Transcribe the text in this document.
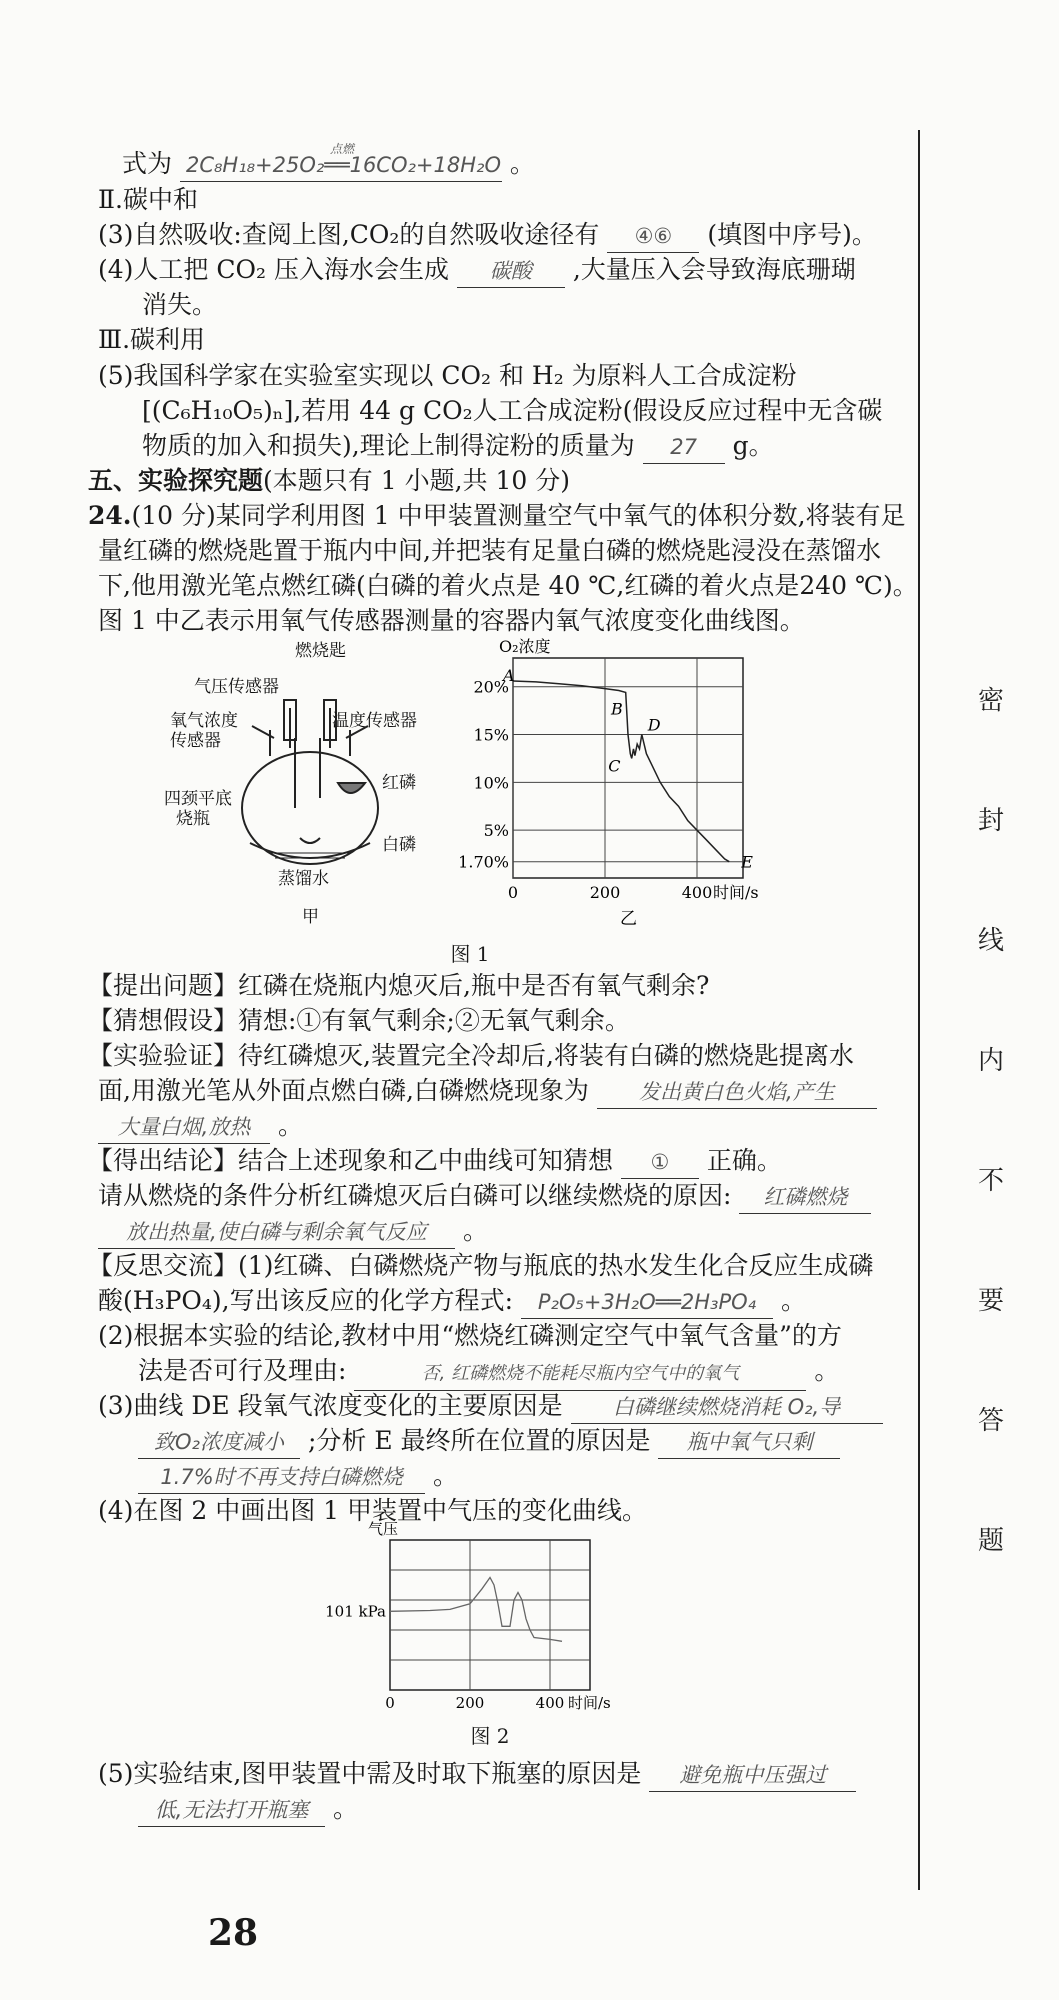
式为 2C₈H₁₈+25O₂══16CO₂+18H₂O
点燃	。
Ⅱ.碳中和
(3)自然吸收:查阅上图,CO₂的自然吸收途径有 ④⑥ (填图中序号)。
(4)人工把 CO₂ 压入海水会生成 碳酸 ,大量压入会导致海底珊瑚
消失。
Ⅲ.碳利用
(5)我国科学家在实验室实现以 CO₂ 和 H₂ 为原料人工合成淀粉
[(C₆H₁₀O₅)ₙ],若用 44 g CO₂人工合成淀粉(假设反应过程中无含碳
物质的加入和损失),理论上制得淀粉的质量为 27 g。
五、实验探究题(本题只有 1 小题,共 10 分)
24.(10 分)某同学利用图 1 中甲装置测量空气中氧气的体积分数,将装有足
量红磷的燃烧匙置于瓶内中间,并把装有足量白磷的燃烧匙浸没在蒸馏水
下,他用激光笔点燃红磷(白磷的着火点是 40 ℃,红磷的着火点是240 ℃)。
图 1 中乙表示用氧气传感器测量的容器内氧气浓度变化曲线图。
燃烧匙
气压传感器
氧气浓度
传感器
温度传感器
四颈平底
烧瓶
红磷
白磷
蒸馏水
甲
1.70%
5%
10%
15%
20%
0	200	400 时间/s
O₂浓度
乙
A
B
C
D
E
图 1
【提出问题】红磷在烧瓶内熄灭后,瓶中是否有氧气剩余?
【猜想假设】猜想:①有氧气剩余;②无氧气剩余。
【实验验证】待红磷熄灭,装置完全冷却后,将装有白磷的燃烧匙提离水
面,用激光笔从外面点燃白磷,白磷燃烧现象为 发出黄白色火焰,产生
大量白烟,放热 。
【得出结论】结合上述现象和乙中曲线可知猜想 ① 正确。
请从燃烧的条件分析红磷熄灭后白磷可以继续燃烧的原因: 红磷燃烧
放出热量,使白磷与剩余氧气反应 。
【反思交流】(1)红磷、白磷燃烧产物与瓶底的热水发生化合反应生成磷
酸(H₃PO₄),写出该反应的化学方程式: P₂O₅+3H₂O══2H₃PO₄ 。
(2)根据本实验的结论,教材中用“燃烧红磷测定空气中氧气含量”的方
法是否可行及理由:	否, 红磷燃烧不能耗尽瓶内空气中的氧气	。
(3)曲线 DE 段氧气浓度变化的主要原因是 白磷继续燃烧消耗 O₂,导
致O₂浓度减小 ;分析 E 最终所在位置的原因是 瓶中氧气只剩
1.7%时不再支持白磷燃烧 。
(4)在图 2 中画出图 1 甲装置中气压的变化曲线。
0	200	400 时间/s
气压
101 kPa
图 2
(5)实验结束,图甲装置中需及时取下瓶塞的原因是 避免瓶中压强过
低,无法打开瓶塞 。
28
密
封
线
内
不
要
答
题
